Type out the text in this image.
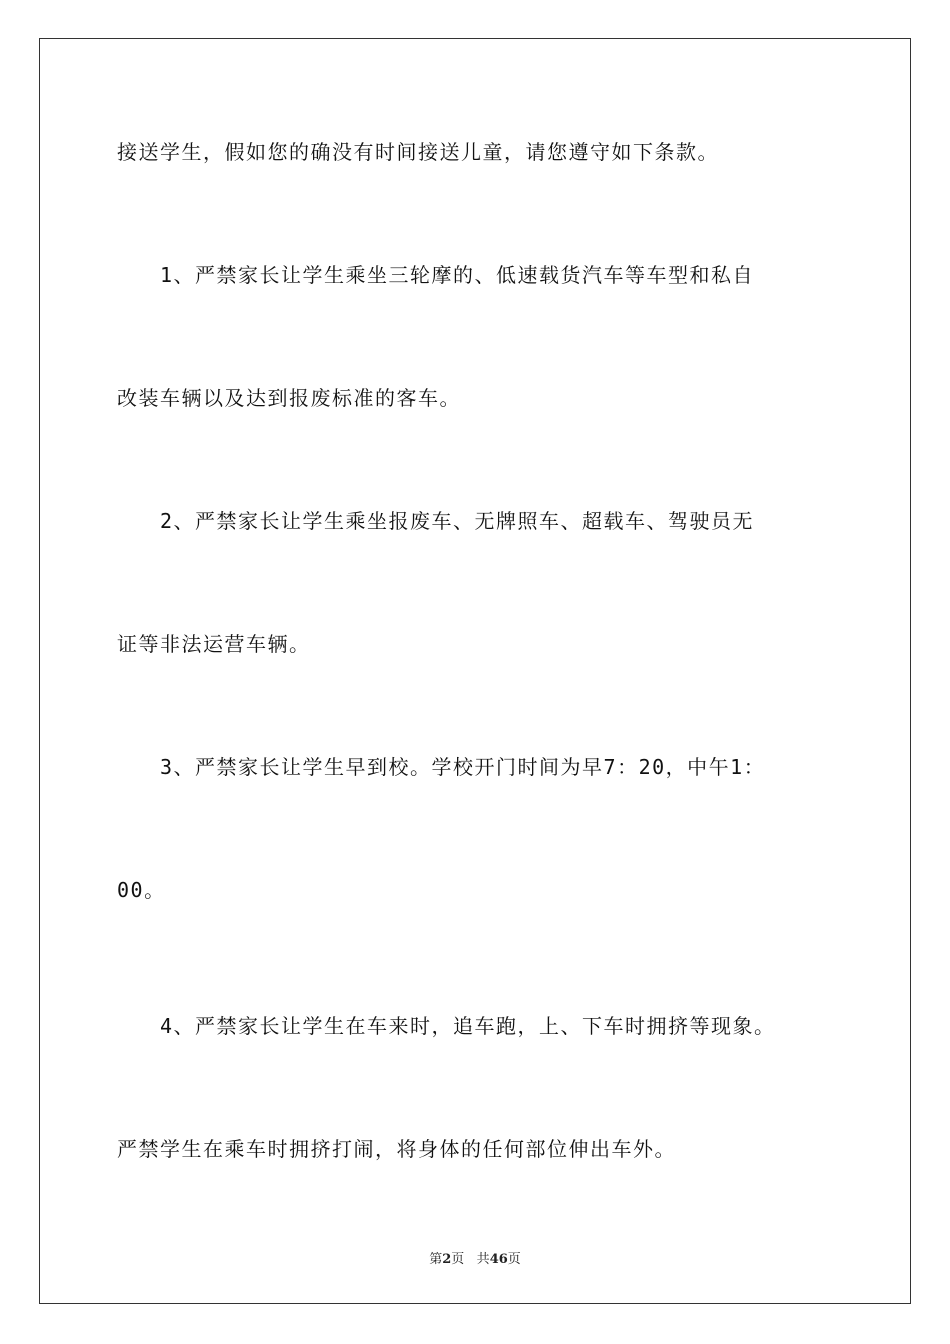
接送学生，假如您的确没有时间接送儿童，请您遵守如下条款。
1、严禁家长让学生乘坐三轮摩的、低速载货汽车等车型和私自
改装车辆以及达到报废标准的客车。
2、严禁家长让学生乘坐报废车、无牌照车、超载车、驾驶员无
证等非法运营车辆。
3、严禁家长让学生早到校。学校开门时间为早7：20，中午1：
00。
4、严禁家长让学生在车来时，追车跑，上、下车时拥挤等现象。
严禁学生在乘车时拥挤打闹，将身体的任何部位伸出车外。
第2页 共46页
